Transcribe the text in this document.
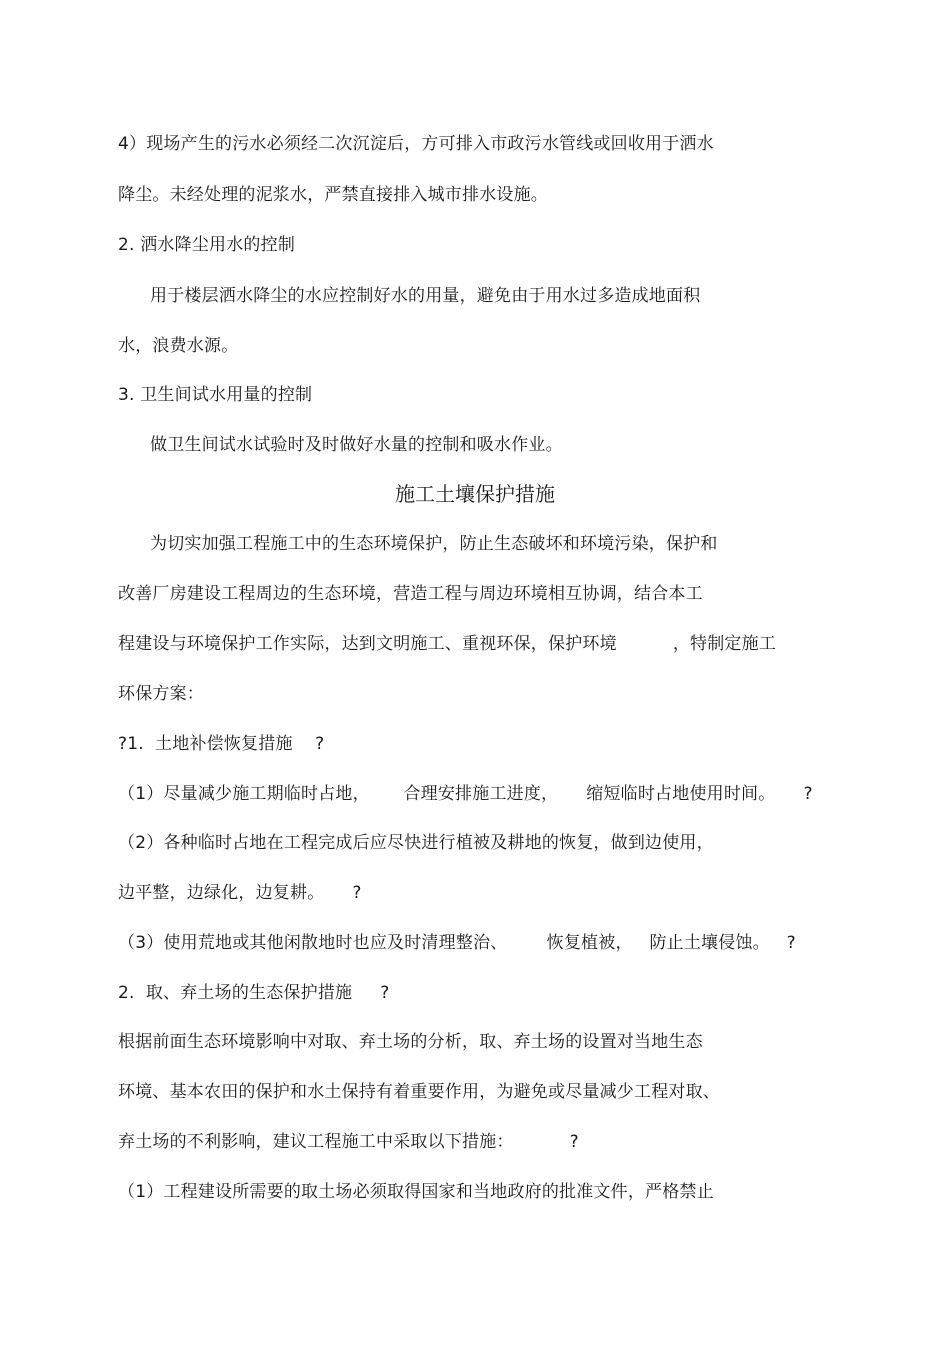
4）现场产生的污水必须经二次沉淀后，方可排入市政污水管线或回收用于洒水
降尘。未经处理的泥浆水，严禁直接排入城市排水设施。
2. 洒水降尘用水的控制
用于楼层洒水降尘的水应控制好水的用量，避免由于用水过多造成地面积
水，浪费水源。
3. 卫生间试水用量的控制
做卫生间试水试验时及时做好水量的控制和吸水作业。
施工土壤保护措施
为切实加强工程施工中的生态环境保护，防止生态破坏和环境污染，保护和
改善厂房建设工程周边的生态环境，营造工程与周边环境相互协调，结合本工
程建设与环境保护工作实际，达到文明施工、重视环保，保护环境          ，特制定施工
环保方案：
?1.  土地补偿恢复措施    ?
（1）尽量减少施工期临时占地，      合理安排施工进度，     缩短临时占地使用时间。     ?
（2）各种临时占地在工程完成后应尽快进行植被及耕地的恢复，做到边使用，
边平整，边绿化，边复耕。     ?
（3）使用荒地或其他闲散地时也应及时清理整治、       恢复植被，   防止土壤侵蚀。   ?
2.  取、弃土场的生态保护措施     ?
根据前面生态环境影响中对取、弃土场的分析，取、弃土场的设置对当地生态
环境、基本农田的保护和水土保持有着重要作用，为避免或尽量减少工程对取、
弃土场的不利影响，建议工程施工中采取以下措施：          ?
（1）工程建设所需要的取土场必须取得国家和当地政府的批准文件，严格禁止
